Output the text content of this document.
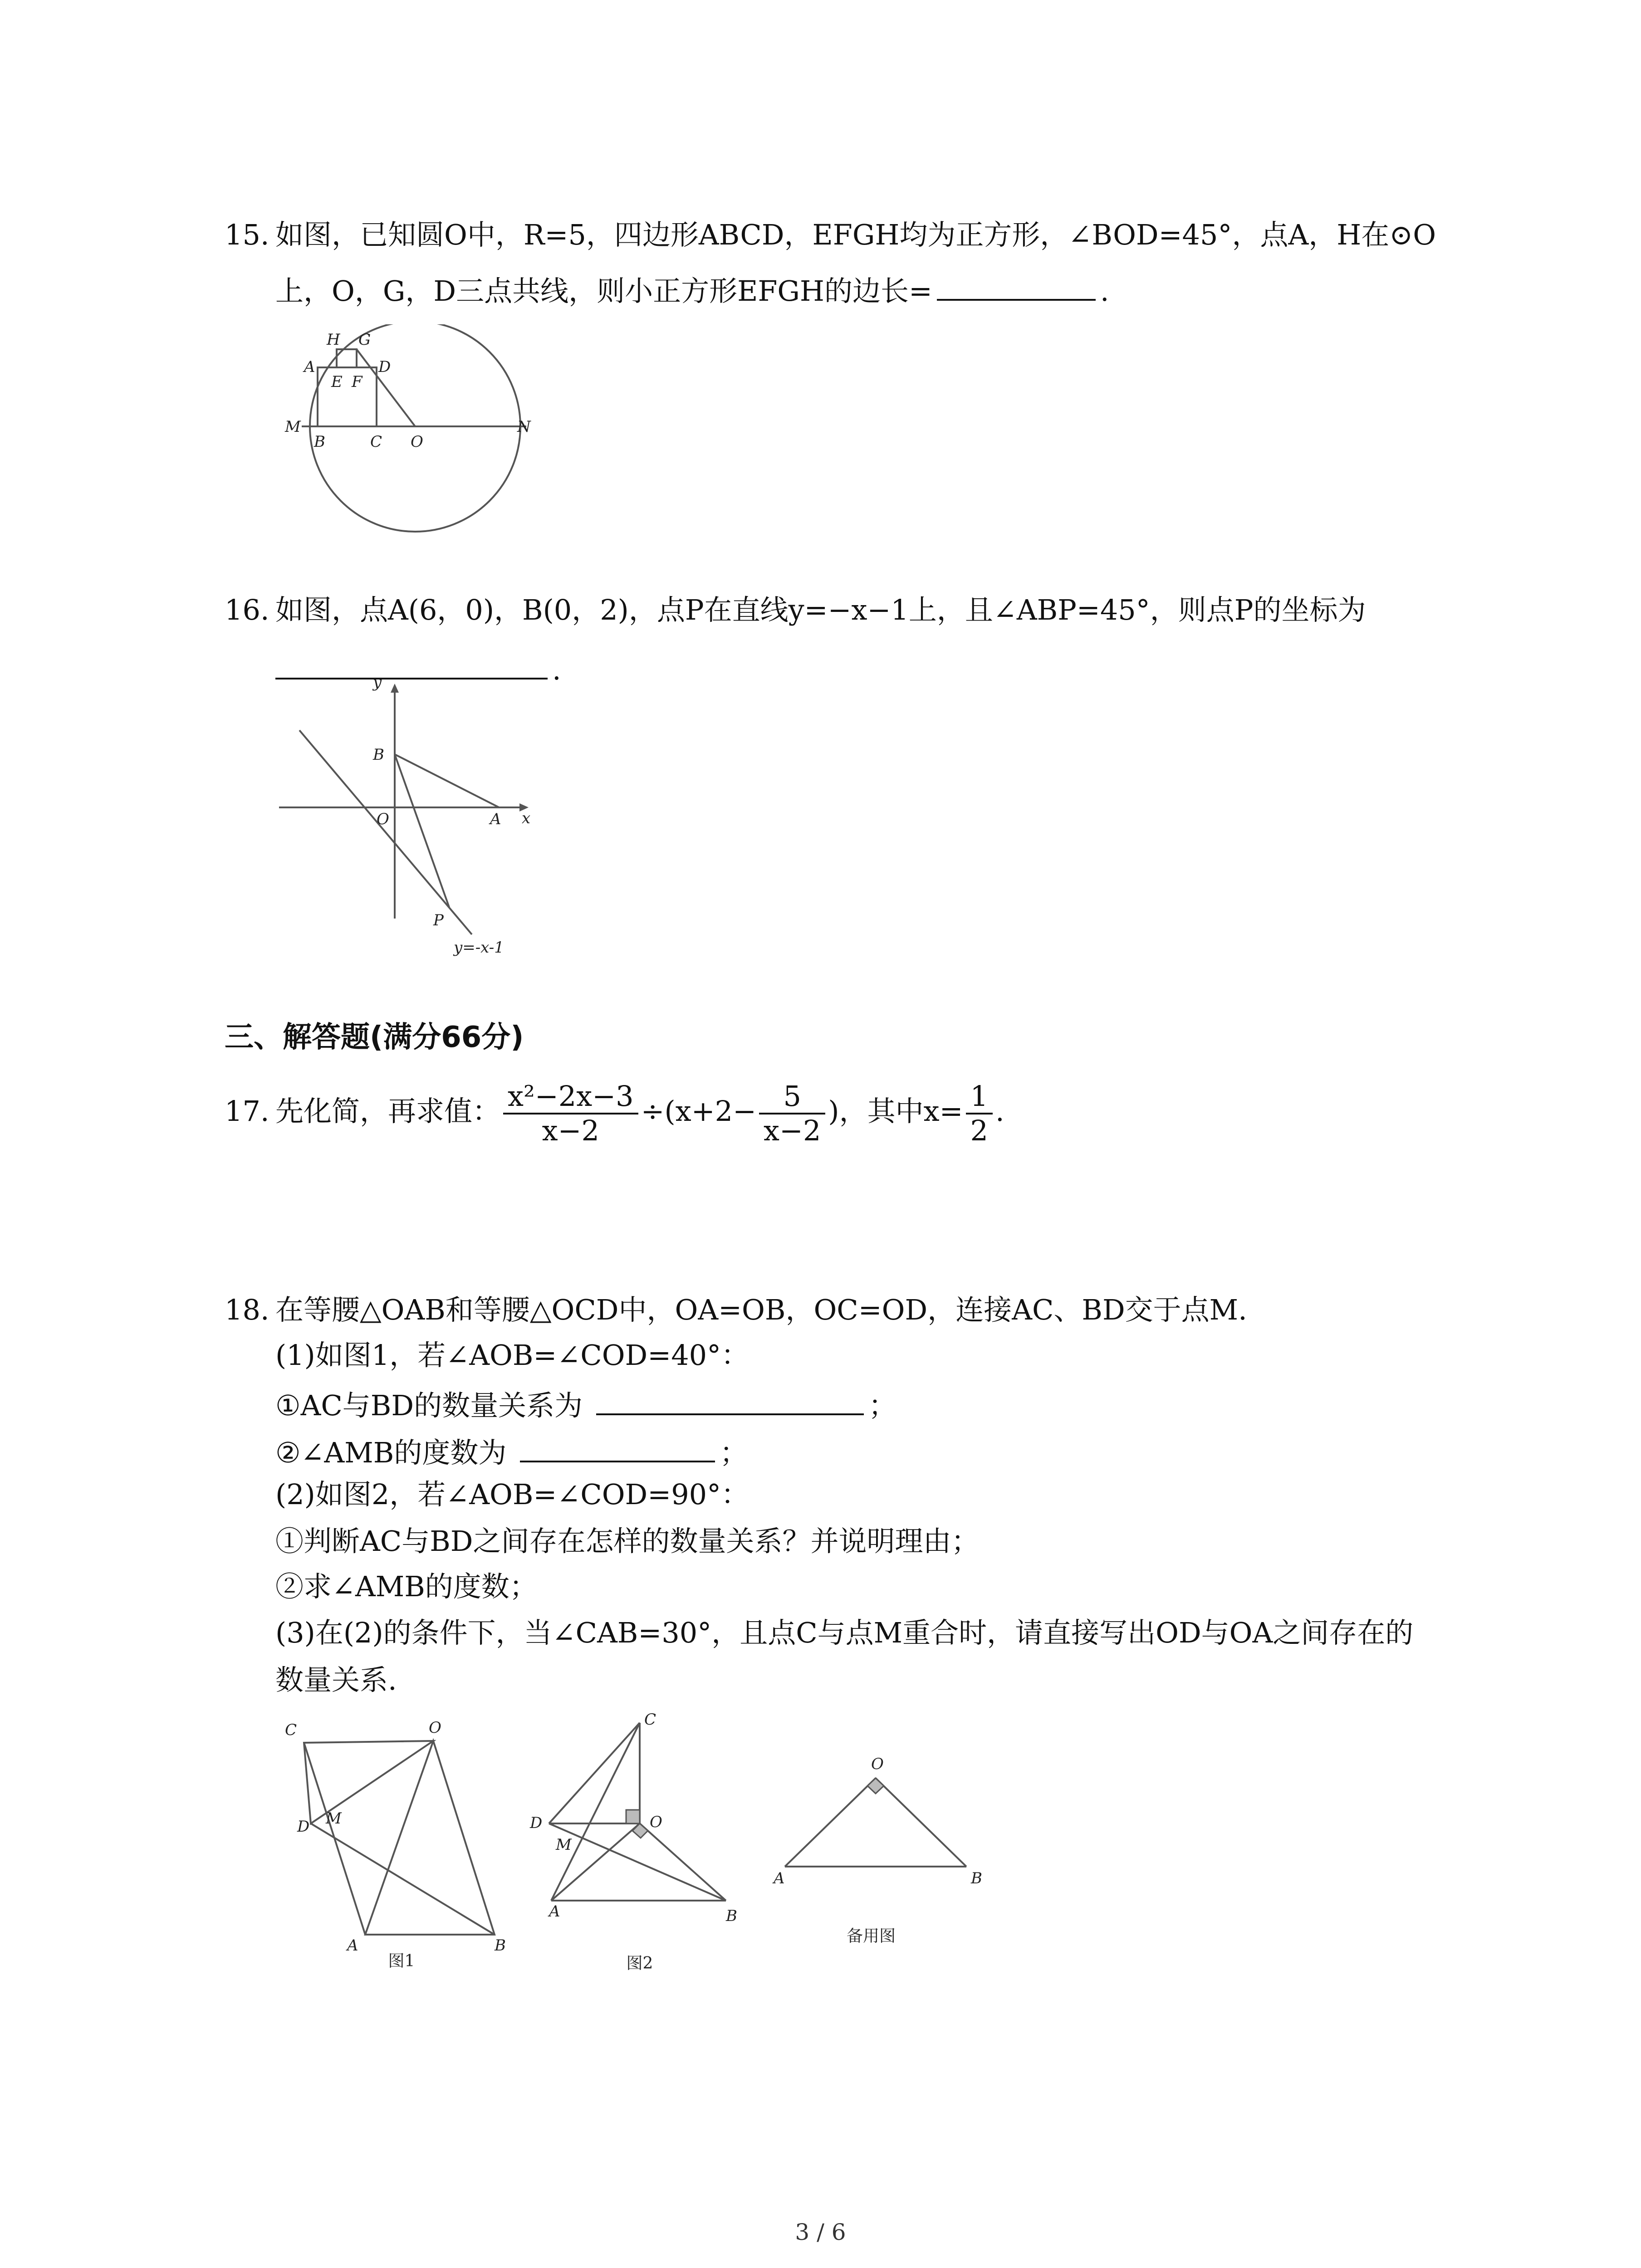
15. 如图，已知圆O中，R=5，四边形ABCD，EFGH均为正方形，∠BOD=45°，点A，H在⊙O
上，O，G，D三点共线，则小正方形EFGH的边长=	.
H G
A	D
E F
M
B	C O
N
16. 如图，点A(6，0)，B(0，2)，点P在直线y=−x−1上，且∠ABP=45°，则点P的坐标为
.
y
B
O	A x
P
y=-x-1
三、解答题(满分66分)
17. 先化简，再求值： $\frac{\text{x²−2x−3}}{x-2} \div(x+2- \frac{5}{x-2}$ )，其中$x= \frac{1}{2}$ .
18. 在等腰△OAB和等腰△OCD中，OA=OB，OC=OD，连接AC、BD交于点M.
(1)如图1，若∠AOB=∠COD=40°：
①AC与BD的数量关系为	；
②∠AMB的度数为	；
(2)如图2，若∠AOB=∠COD=90°：
①判断AC与BD之间存在怎样的数量关系？并说明理由；
②求∠AMB的度数；
(3)在(2)的条件下，当∠CAB=30°，且点C与点M重合时，请直接写出OD与OA之间存在的
数量关系.
C	O
D M
A	B
图1
C
D	O
M
A	B
图2
O
A	B
备用图
3 / 6
